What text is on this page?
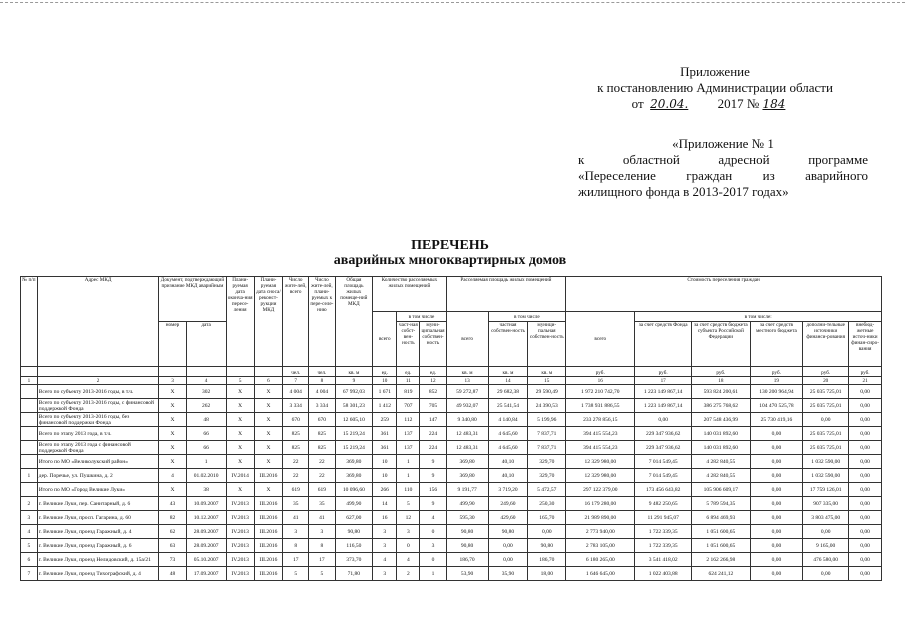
Приложение
к постановлению Администрации области
от 20.04. 2017 № 184
«Приложение № 1
к областной адресной программе
«Переселение граждан из аварийного
жилищного фонда в 2013-2017 годах»
ПЕРЕЧЕНЬ
аварийных многоквартирных домов
№ п/п	Адрес МКД	Документ, подтверждающий признание МКД аварийным		Плани-руемая дата оконча-ния пересе-ления	Плани-руемая дата сноса/ реконст-рукции МКД	Число жите-лей, всего	Число жите-лей, плани-руемых к пере-селе-нию	Общая площадь жилых помеще-ний МКД	Количество расселяемых жилых помещений			Расселяемая площадь жилых помещений			Стоимость переселения граждан					
									всего	в том числе		всего	в том числе		всего	в том числе:				
		номер	дата							част-ная собст-вен-ность	муни-ципальная собствен-ность		частная собствен-ность	муници-пальная собствен-ность		за счет средств Фонда	за счет средств бюджета субъекта Российской Федерации	за счет средств местного бюджета	дополни-тельные источники финанси-рования	внебюд-жетные источ-ники финан-сиро-вания
						чел.	чел.	кв. м	ед.	ед.	ед.	кв. м	кв. м	кв. м	руб.	руб.	руб.	руб.	руб.	руб.
1	2	3	4	5	6	7	8	9	10	11	12	13	14	15	16	17	18	19	20	21
	Всего по субъекту 2013-2016 годы, в т.ч.	X	302	X	X	4 004	4 004	67 992,03	1 671	819	852	59 272,87	29 682,38	29 590,49	1 972 210 742,70	1 223 149 867,14	593 824 200,61	130 200 964,94	25 035 725,01	0,00
	Всего по субъекту 2013-2016 годы, с финансовой поддержкой Фонда	X	262	X	X	3 334	3 334	58 301,23	1 412	707	705	49 932,07	25 541,54	24 390,53	1 738 931 886,55	1 223 149 867,14	386 275 768,62	104 470 525,78	25 035 725,01	0,00
	Всего по субъекту 2013-2016 годы, без финансовой поддержки Фонда	X	48	X	X	670	670	12 605,10	259	112	147	9 340,80	4 140,84	5 199,96	233 278 856,15	0,00	207 548 436,99	25 730 419,16	0,00	0,00
	Всего по этапу 2013 года, в т.ч.	X	66	X	X	825	825	15 219,24	361	137	224	12 483,31	4 645,60	7 837,71	394 415 554,23	229 347 936,62	140 031 892,60	0,00	25 035 725,01	0,00
	Всего по этапу 2013 года с финансовой поддержкой Фонда	X	66	X	X	825	825	15 219,24	361	137	224	12 483,31	4 645,60	7 837,71	394 415 554,23	229 347 936,62	140 031 892,60	0,00	25 035 725,01	0,00
	Итого по МО «Великолукский район»	X	1	X	X	22	22	369,80	10	1	9	369,80	40,10	329,70	12 329 980,00	7 014 549,45	4 282 840,55	0,00	1 032 590,00	0,00
1	дер. Поречье, ул. Пушкина, д. 2	4	01.02.2010	IV.2014	III.2016	22	22	369,80	10	1	9	369,80	40,10	329,70	12 329 980,00	7 014 549,45	4 282 840,55	0,00	1 032 590,00	0,00
	Итого по МО «Город Великие Луки»	X	38	X	X	619	619	10 096,60	266	110	156	9 191,77	3 719,20	5 472,57	297 122 379,00	173 456 643,82	105 906 609,17	0,00	17 759 126,01	0,00
2	г. Великие Луки, пер. Санитарный, д. 6	43	10.09.2007	IV.2013	III.2016	35	35	499,90	14	5	9	499,90	249,60	250,30	16 179 280,00	9 482 250,65	5 789 594,35	0,00	907 335,00	0,00
3	г. Великие Луки, просп. Гагарина, д. 60	82	10.12.2007	IV.2013	III.2016	41	41	627,00	16	12	4	595,30	429,60	165,70	21 989 890,00	11 291 945,07	6 894 469,93	0,00	3 803 475,00	0,00
4	г. Великие Луки, проезд Гаражный, д. 4	62	28.09.2007	IV.2013	III.2016	3	3	90,80	3	3	0	90,80	90,80	0,00	2 773 940,00	1 722 339,35	1 051 600,65	0,00	0,00	0,00
5	г. Великие Луки, проезд Гаражный, д. 6	63	28.09.2007	IV.2013	III.2016	8	8	116,50	3	0	3	90,80	0,00	90,80	2 783 105,00	1 722 339,35	1 051 600,65	0,00	9 165,00	0,00
6	г. Великие Луки, проезд Нелидовский, д. 15а/21	73	05.10.2007	IV.2013	III.2016	17	17	373,70	4	4	0	186,70	0,00	186,70	6 180 265,00	3 541 418,02	2 162 266,98	0,00	476 580,00	0,00
7	г. Великие Луки, проезд Тихографский, д. 4	48	17.09.2007	IV.2013	III.2016	5	5	71,80	3	2	1	53,90	35,90	18,00	1 646 645,00	1 022 403,88	624 241,12	0,00	0,00	0,00
